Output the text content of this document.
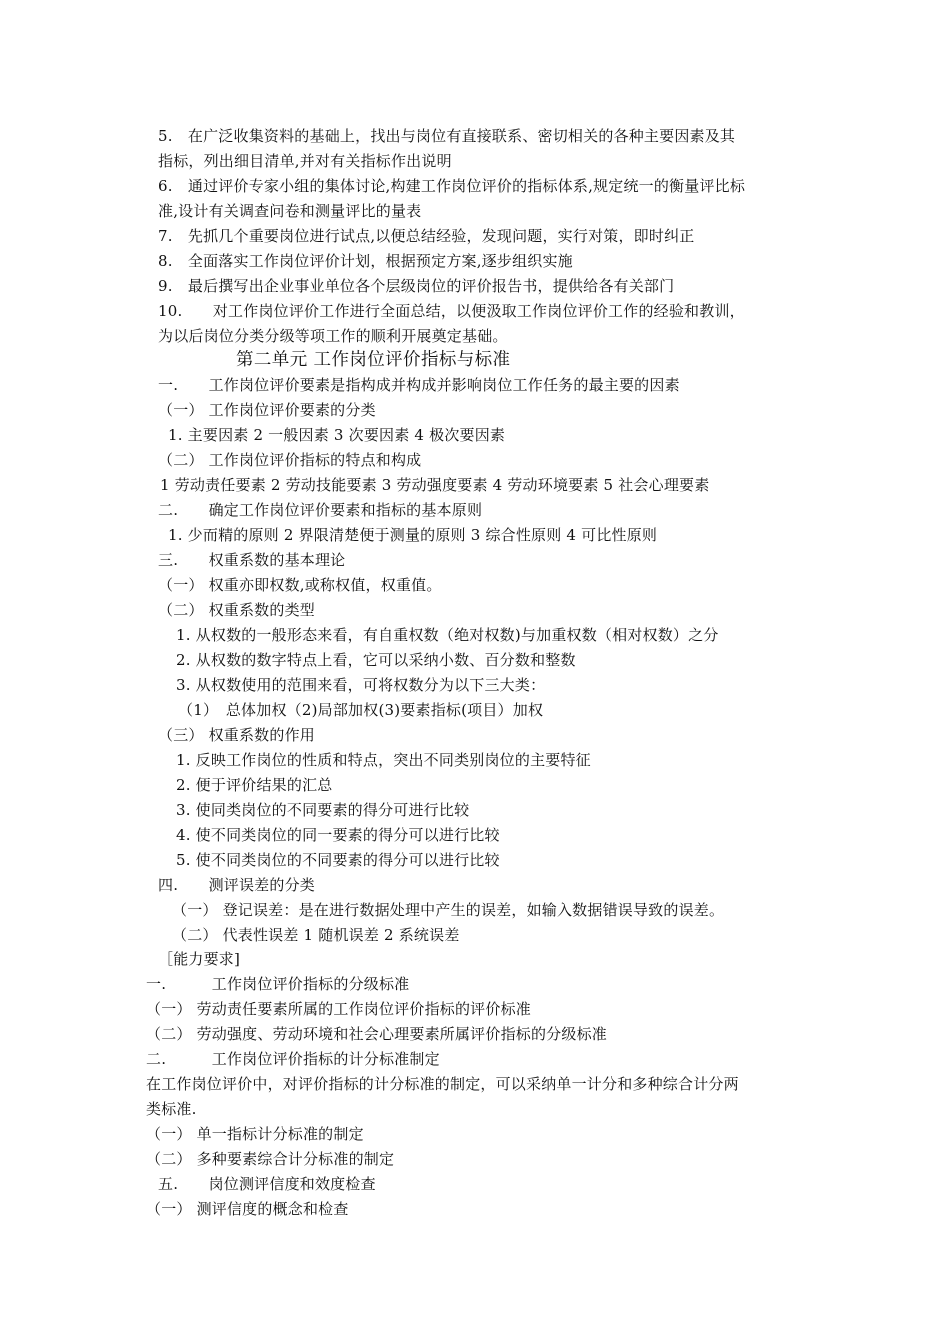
5.　在广泛收集资料的基础上，找出与岗位有直接联系、密切相关的各种主要因素及其
指标，列出细目清单,并对有关指标作出说明
6.　通过评价专家小组的集体讨论,构建工作岗位评价的指标体系,规定统一的衡量评比标
准,设计有关调查问卷和测量评比的量表
7.　先抓几个重要岗位进行试点,以便总结经验，发现问题，实行对策，即时纠正
8.　全面落实工作岗位评价计划，根据预定方案,逐步组织实施
9.　最后撰写出企业事业单位各个层级岗位的评价报告书，提供给各有关部门
10.　　对工作岗位评价工作进行全面总结，以便汲取工作岗位评价工作的经验和教训，
为以后岗位分类分级等项工作的顺利开展奠定基础。
第二单元 工作岗位评价指标与标准
一.　　工作岗位评价要素是指构成并构成并影响岗位工作任务的最主要的因素
（一） 工作岗位评价要素的分类
1. 主要因素 2 一般因素 3 次要因素 4 极次要因素
（二） 工作岗位评价指标的特点和构成
1 劳动责任要素 2 劳动技能要素 3 劳动强度要素 4 劳动环境要素 5 社会心理要素
二.　　确定工作岗位评价要素和指标的基本原则
1. 少而精的原则 2 界限清楚便于测量的原则 3 综合性原则 4 可比性原则
三.　　权重系数的基本理论
（一） 权重亦即权数,或称权值，权重值。
（二） 权重系数的类型
1. 从权数的一般形态来看，有自重权数（绝对权数)与加重权数（相对权数）之分
2. 从权数的数字特点上看，它可以采纳小数、百分数和整数
3. 从权数使用的范围来看，可将权数分为以下三大类：
（1）　总体加权（2)局部加权(3)要素指标(项目）加权
（三） 权重系数的作用
1. 反映工作岗位的性质和特点，突出不同类别岗位的主要特征
2. 便于评价结果的汇总
3. 使同类岗位的不同要素的得分可进行比较
4. 使不同类岗位的同一要素的得分可以进行比较
5. 使不同类岗位的不同要素的得分可以进行比较
四.　　测评误差的分类
（一） 登记误差：是在进行数据处理中产生的误差，如输入数据错误导致的误差。
（二） 代表性误差 1 随机误差 2 系统误差
［能力要求]
一.　　　工作岗位评价指标的分级标准
（一） 劳动责任要素所属的工作岗位评价指标的评价标准
（二） 劳动强度、劳动环境和社会心理要素所属评价指标的分级标准
二.　　　工作岗位评价指标的计分标准制定
在工作岗位评价中，对评价指标的计分标准的制定，可以采纳单一计分和多种综合计分两
类标准.
（一） 单一指标计分标准的制定
（二） 多种要素综合计分标准的制定
五.　　岗位测评信度和效度检查
（一） 测评信度的概念和检查
